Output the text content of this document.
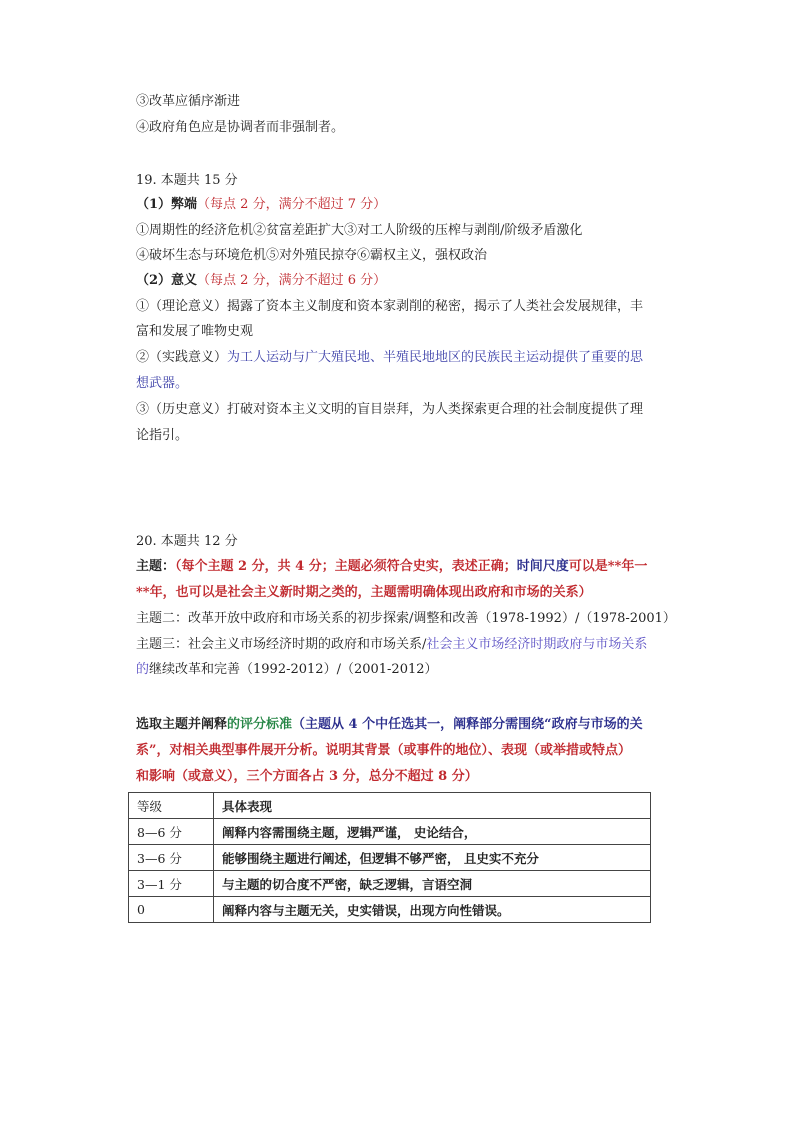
③改革应循序渐进
④政府角色应是协调者而非强制者。
19. 本题共 15 分
（1）弊端（每点 2 分，满分不超过 7 分）
①周期性的经济危机②贫富差距扩大③对工人阶级的压榨与剥削/阶级矛盾激化
④破坏生态与环境危机⑤对外殖民掠夺⑥霸权主义，强权政治
（2）意义（每点 2 分，满分不超过 6 分）
①（理论意义）揭露了资本主义制度和资本家剥削的秘密，揭示了人类社会发展规律，丰
富和发展了唯物史观
②（实践意义）为工人运动与广大殖民地、半殖民地地区的民族民主运动提供了重要的思
想武器。
③（历史意义）打破对资本主义文明的盲目崇拜，为人类探索更合理的社会制度提供了理
论指引。
20. 本题共 12 分
主题：（每个主题 2 分，共 4 分；主题必须符合史实，表述正确；时间尺度可以是**年一
**年，也可以是社会主义新时期之类的，主题需明确体现出政府和市场的关系）
主题二：改革开放中政府和市场关系的初步探索/调整和改善（1978-1992）/（1978-2001）
主题三：社会主义市场经济时期的政府和市场关系/社会主义市场经济时期政府与市场关系
的继续改革和完善（1992-2012）/（2001-2012）
选取主题并阐释的评分标准（主题从 4 个中任选其一，阐释部分需围绕“政府与市场的关
系”，对相关典型事件展开分析。说明其背景（或事件的地位）、表现（或举措或特点）
和影响（或意义），三个方面各占 3 分，总分不超过 8 分）
等级	具体表现
8—6 分	阐释内容需围绕主题，逻辑严谨， 史论结合，
3—6 分	能够围绕主题进行阐述，但逻辑不够严密， 且史实不充分
3—1 分	与主题的切合度不严密，缺乏逻辑，言语空洞
0	阐释内容与主题无关，史实错误，出现方向性错误。
